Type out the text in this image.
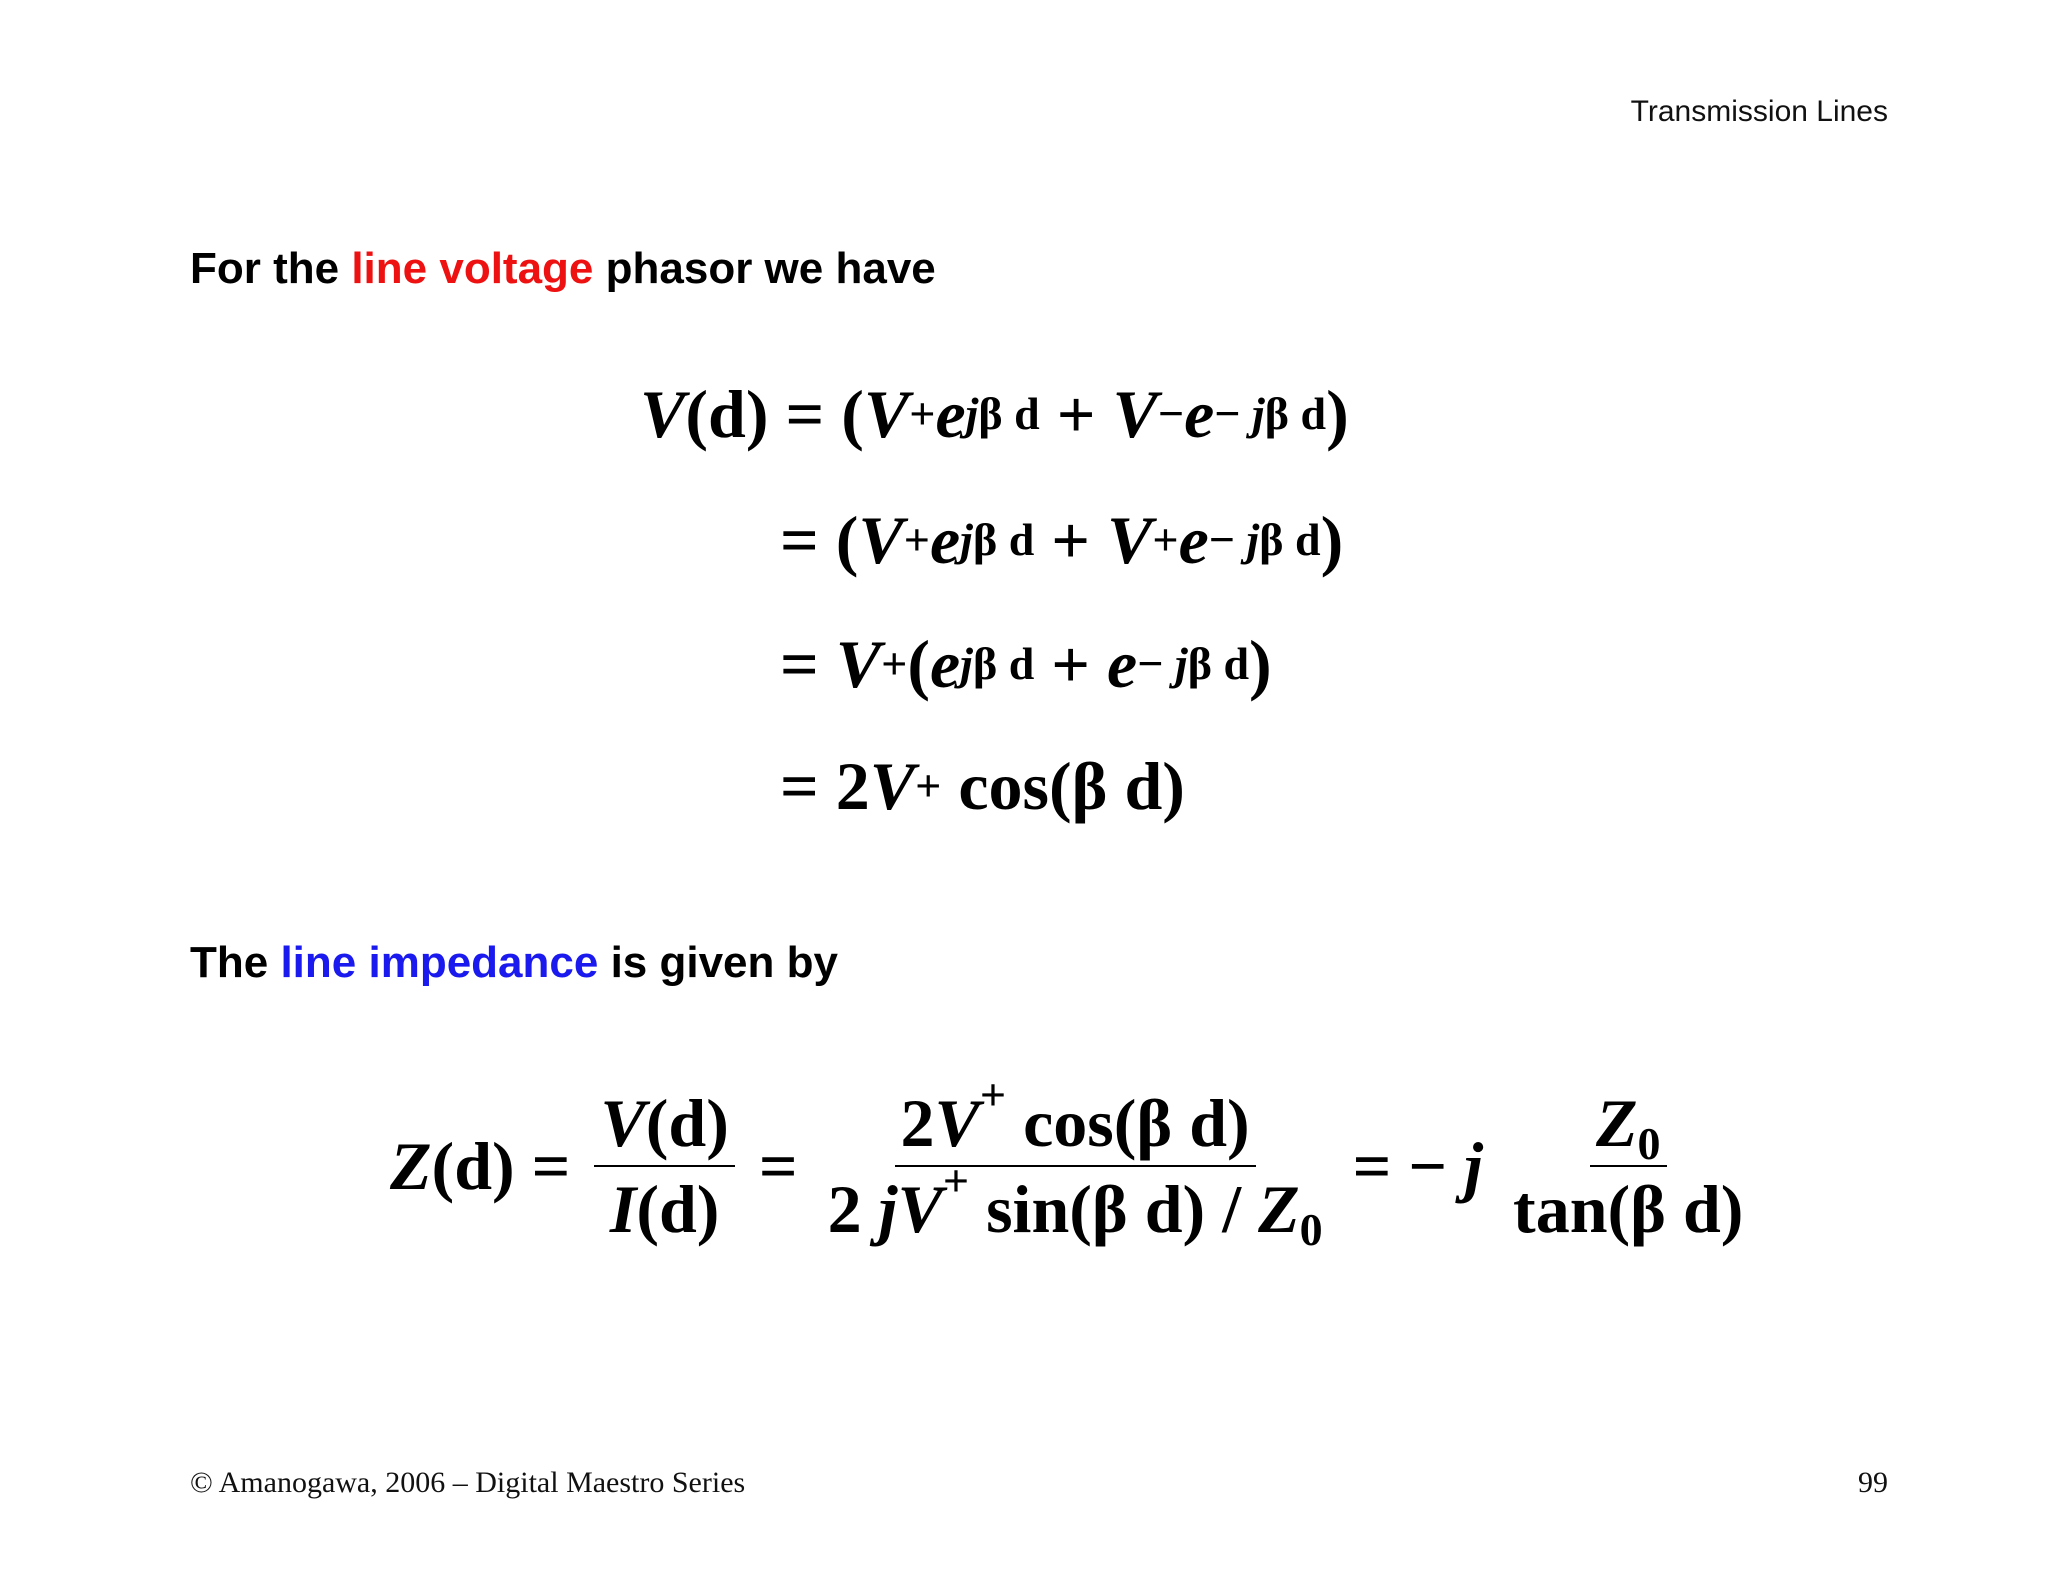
Transmission Lines
For the line voltage phasor we have
V (d) = ( V + e jβ d + V − e − jβ d )
= ( V + e jβ d + V + e − jβ d )
= V + ( e jβ d + e − jβ d )
= 2 V + cos(β d)
The line impedance is given by
$Z(d) = \frac{V(d)}{I(d)} = \frac{2V^+ \cos(\beta d)}{2 jV^+ \sin(\beta d) / Z_0}$ = − j $\frac{Z_0}{\text{tan(β d)}}$
© Amanogawa, 2006 – Digital Maestro Series	99
